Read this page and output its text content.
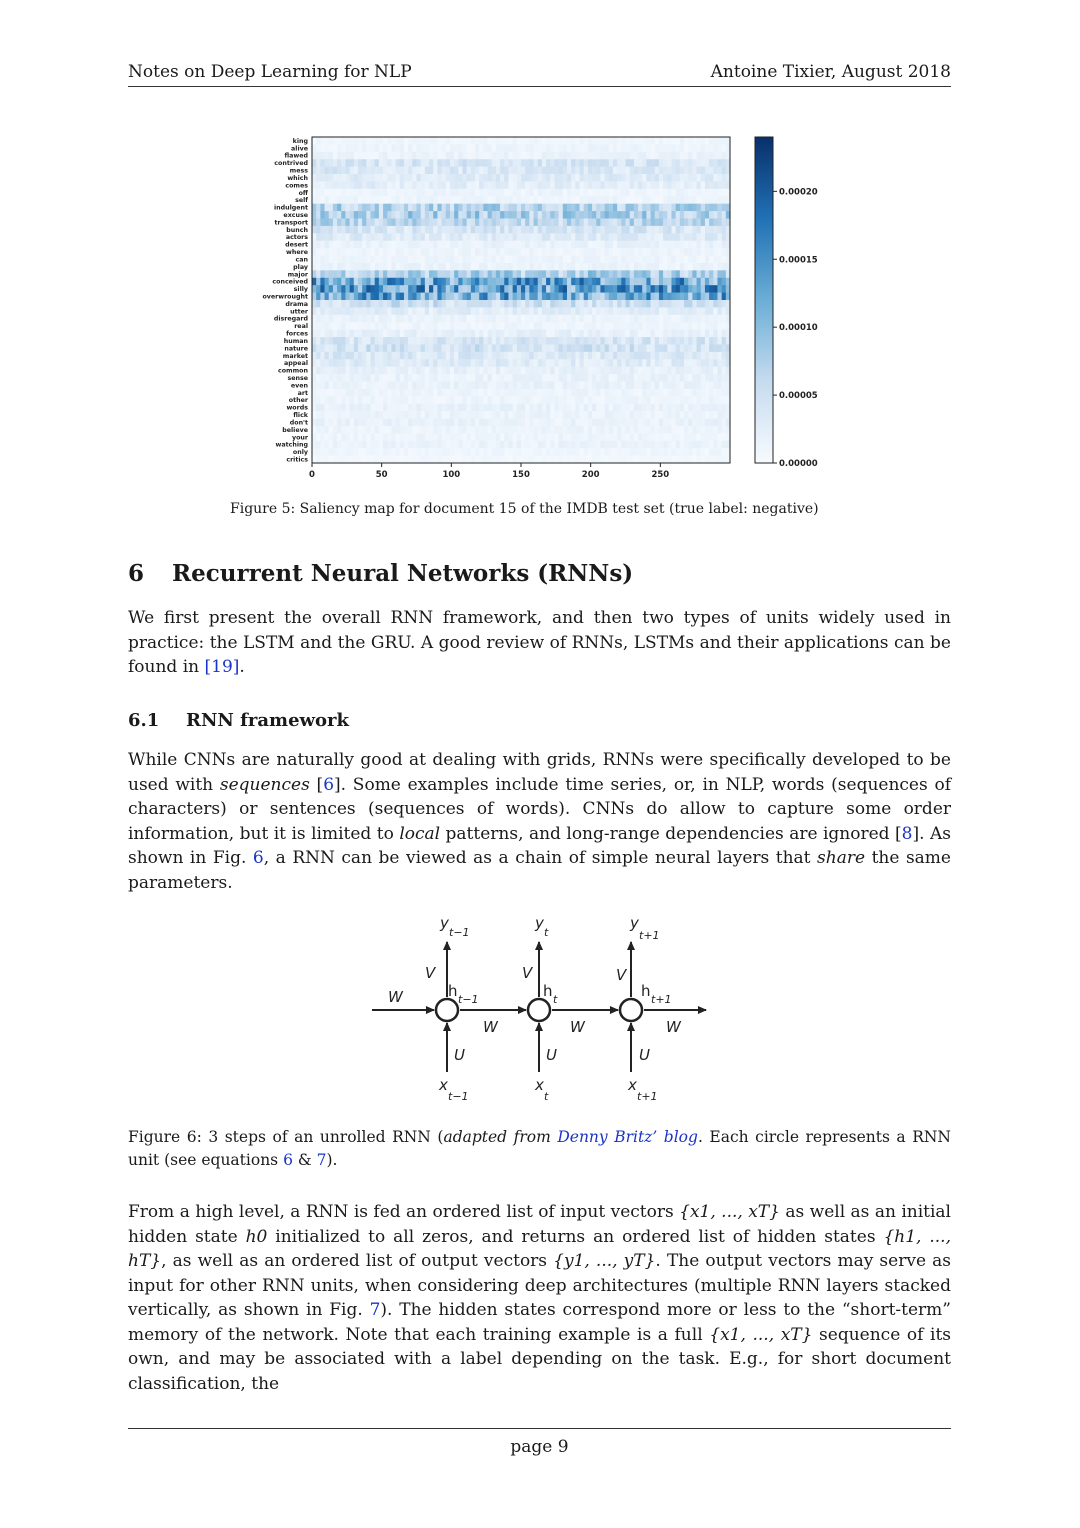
Notes on Deep Learning for NLP	Antoine Tixier, August 2018
king
alive
flawed
contrived
mess
which
comes
off
self
indulgent
excuse
transport
bunch
actors
desert
where
can
play
major
conceived
silly
overwrought
drama
utter
disregard
real
forces
human
nature
market
appeal
common
sense
even
art
other
words
flick
don't
believe
your
watching
only
critics
0	50	100	150	200	250
0.00000
0.00005
0.00010
0.00015
0.00020
Figure 5: Saliency map for document 15 of the IMDB test set (true label: negative)
6 Recurrent Neural Networks (RNNs)

We first present the overall RNN framework, and then two types of units widely used in practice: the LSTM and the GRU. A good review of RNNs, LSTMs and their applications can be found in [19].

6.1 RNN framework

While CNNs are naturally good at dealing with grids, RNNs were specifically developed to be used with sequences [6]. Some examples include time series, or, in NLP, words (sequences of characters) or sentences (sequences of words). CNNs do allow to capture some order information, but it is limited to local patterns, and long-range dependencies are ignored [8]. As shown in Fig. 6, a RNN can be viewed as a chain of simple neural layers that share the same parameters.

y
t−1
y
t
y
t+1
V	V	V
h t−1	h t	h t+1
W
W	W	W
U	U	U
x
t−1
x
t
x
t+1
Figure 6: 3 steps of an unrolled RNN (adapted from Denny Britz’ blog. Each circle represents a RNN unit (see equations 6 & 7).

From a high level, a RNN is fed an ordered list of input vectors {x1, ..., xT} as well as an initial hidden state h0 initialized to all zeros, and returns an ordered list of hidden states {h1, ..., hT}, as well as an ordered list of output vectors {y1, ..., yT}. The output vectors may serve as input for other RNN units, when considering deep architectures (multiple RNN layers stacked vertically, as shown in Fig. 7). The hidden states correspond more or less to the “short-term” memory of the network. Note that each training example is a full {x1, ..., xT} sequence of its own, and may be associated with a label depending on the task. E.g., for short document classification, the

page 9
